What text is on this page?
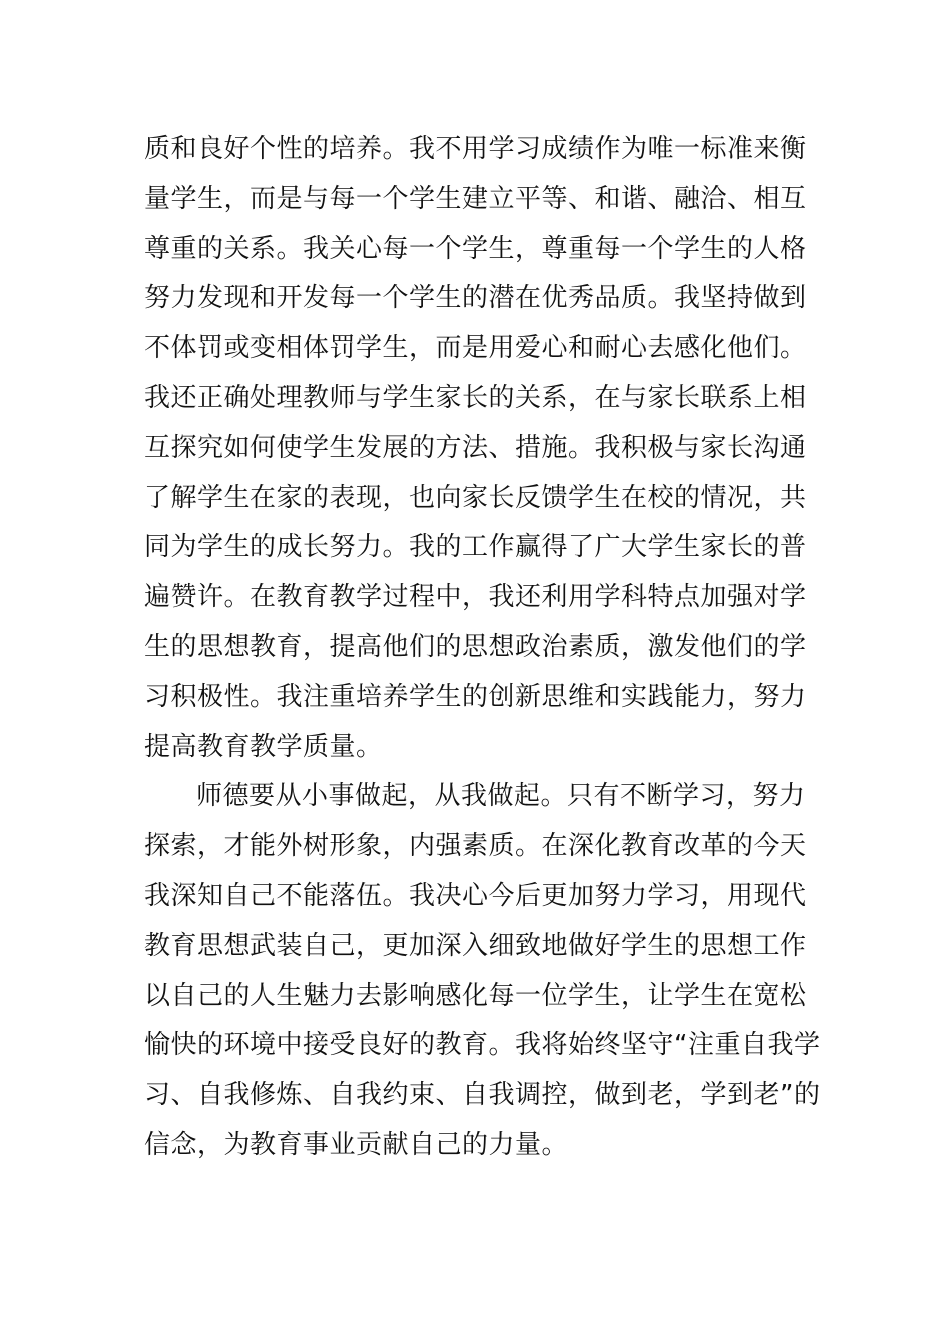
质和良好个性的培养。我不用学习成绩作为唯一标准来衡
量学生，而是与每一个学生建立平等、和谐、融洽、相互
尊重的关系。我关心每一个学生，尊重每一个学生的人格
努力发现和开发每一个学生的潜在优秀品质。我坚持做到
不体罚或变相体罚学生，而是用爱心和耐心去感化他们。
我还正确处理教师与学生家长的关系，在与家长联系上相
互探究如何使学生发展的方法、措施。我积极与家长沟通
了解学生在家的表现，也向家长反馈学生在校的情况，共
同为学生的成长努力。我的工作赢得了广大学生家长的普
遍赞许。在教育教学过程中，我还利用学科特点加强对学
生的思想教育，提高他们的思想政治素质，激发他们的学
习积极性。我注重培养学生的创新思维和实践能力，努力
提高教育教学质量。
师德要从小事做起，从我做起。只有不断学习，努力
探索，才能外树形象，内强素质。在深化教育改革的今天
我深知自己不能落伍。我决心今后更加努力学习，用现代
教育思想武装自己，更加深入细致地做好学生的思想工作
以自己的人生魅力去影响感化每一位学生，让学生在宽松
愉快的环境中接受良好的教育。我将始终坚守“注重自我学
习、自我修炼、自我约束、自我调控，做到老，学到老”的
信念，为教育事业贡献自己的力量。
